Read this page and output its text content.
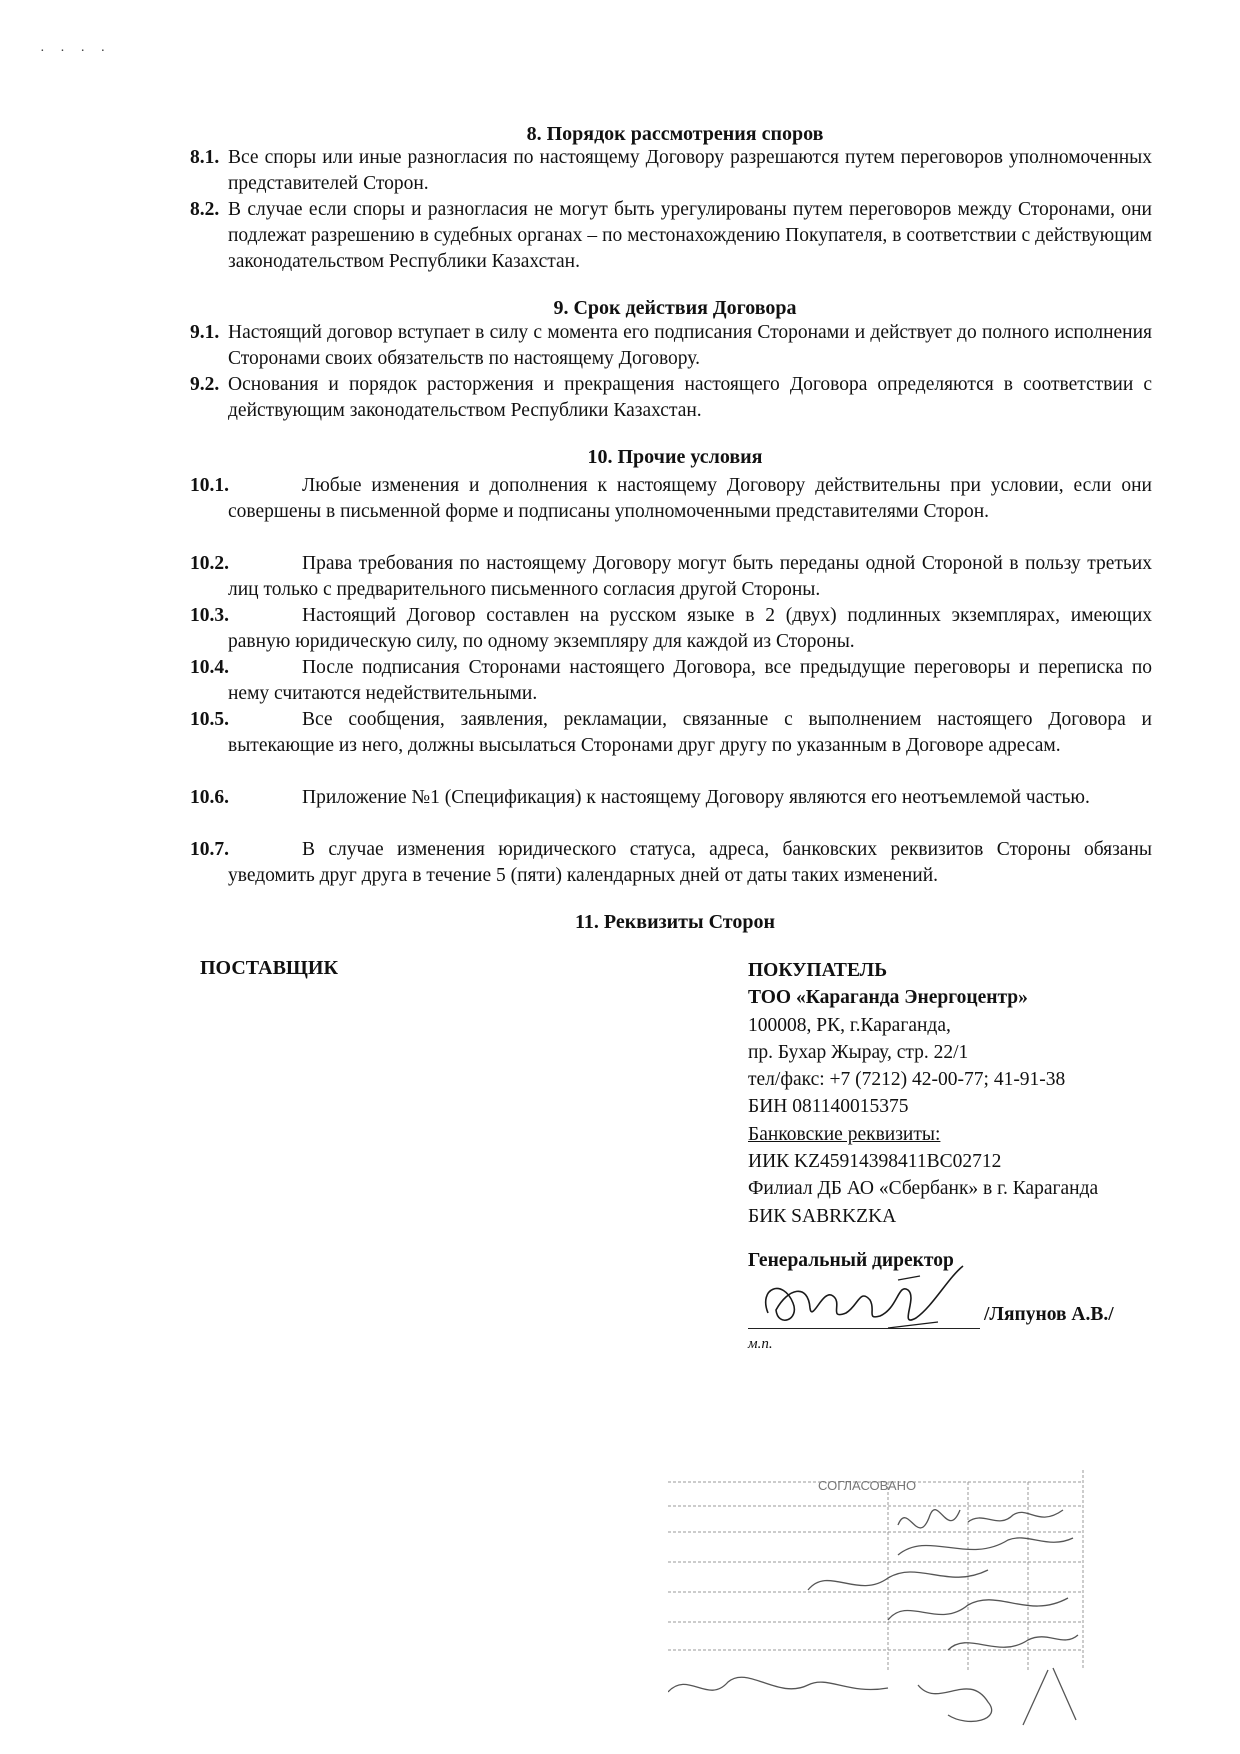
· · · ·
8. Порядок рассмотрения споров
8.1. Все споры или иные разногласия по настоящему Договору разрешаются путем переговоров уполномоченных представителей Сторон.
8.2. В случае если споры и разногласия не могут быть урегулированы путем переговоров между Сторонами, они подлежат разрешению в судебных органах – по местонахождению Покупателя, в соответствии с действующим законодательством Республики Казахстан.
9. Срок действия Договора
9.1. Настоящий договор вступает в силу с момента его подписания Сторонами и действует до полного исполнения Сторонами своих обязательств по настоящему Договору.
9.2. Основания и порядок расторжения и прекращения настоящего Договора определяются в соответствии с действующим законодательством Республики Казахстан.
10. Прочие условия
10.1.	Любые изменения и дополнения к настоящему Договору действительны при условии, если они совершены в письменной форме и подписаны уполномоченными представителями Сторон.
10.2.	Права требования по настоящему Договору могут быть переданы одной Стороной в пользу третьих лиц только с предварительного письменного согласия другой Стороны.
10.3.	Настоящий Договор составлен на русском языке в 2 (двух) подлинных экземплярах, имеющих равную юридическую силу, по одному экземпляру для каждой из Стороны.
10.4.	После подписания Сторонами настоящего Договора, все предыдущие переговоры и переписка по нему считаются недействительными.
10.5.	Все сообщения, заявления, рекламации, связанные с выполнением настоящего Договора и вытекающие из него, должны высылаться Сторонами друг другу по указанным в Договоре адресам.
10.6.	Приложение №1 (Спецификация) к настоящему Договору являются его неотъемлемой частью.
10.7.	В случае изменения юридического статуса, адреса, банковских реквизитов Стороны обязаны уведомить друг друга в течение 5 (пяти) календарных дней от даты таких изменений.
11. Реквизиты Сторон
ПОСТАВЩИК	ПОКУПАТЕЛЬ
ТОО «Караганда Энергоцентр»
100008, РК, г.Караганда,
пр. Бухар Жырау, стр. 22/1
тел/факс: +7 (7212) 42-00-77; 41-91-38
БИН 081140015375
Банковские реквизиты:
ИИК KZ45914398411BC02712
Филиал ДБ АО «Сбербанк» в г. Караганда
БИК SABRKZKA
Генеральный директор
/Ляпунов А.В./
м.п.
СОГЛАСОВАНО
